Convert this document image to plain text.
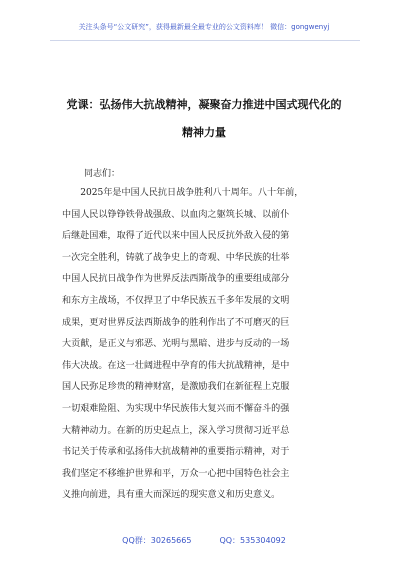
关注头条号“公文研究”，获得最新最全最专业的公文资料库！ 微信：gongwenyj
党课：弘扬伟大抗战精神，凝聚奋力推进中国式现代化的
精神力量
同志们：
　　2025年是中国人民抗日战争胜利八十周年。八十年前，
中国人民以铮铮铁骨战强敌、以血肉之躯筑长城、以前仆
后继赴国难，取得了近代以来中国人民反抗外敌入侵的第
一次完全胜利，铸就了战争史上的奇观、中华民族的壮举
中国人民抗日战争作为世界反法西斯战争的重要组成部分
和东方主战场，不仅捍卫了中华民族五千多年发展的文明
成果，更对世界反法西斯战争的胜利作出了不可磨灭的巨
大贡献，是正义与邪恶、光明与黑暗、进步与反动的一场
伟大决战。在这一壮阔进程中孕育的伟大抗战精神，是中
国人民弥足珍贵的精神财富，是激励我们在新征程上克服
一切艰难险阻、为实现中华民族伟大复兴而不懈奋斗的强
大精神动力。在新的历史起点上，深入学习贯彻习近平总
书记关于传承和弘扬伟大抗战精神的重要指示精神，对于
我们坚定不移维护世界和平，万众一心把中国特色社会主
义推向前进，具有重大而深远的现实意义和历史意义。
QQ群：30265665	QQ：535304092
